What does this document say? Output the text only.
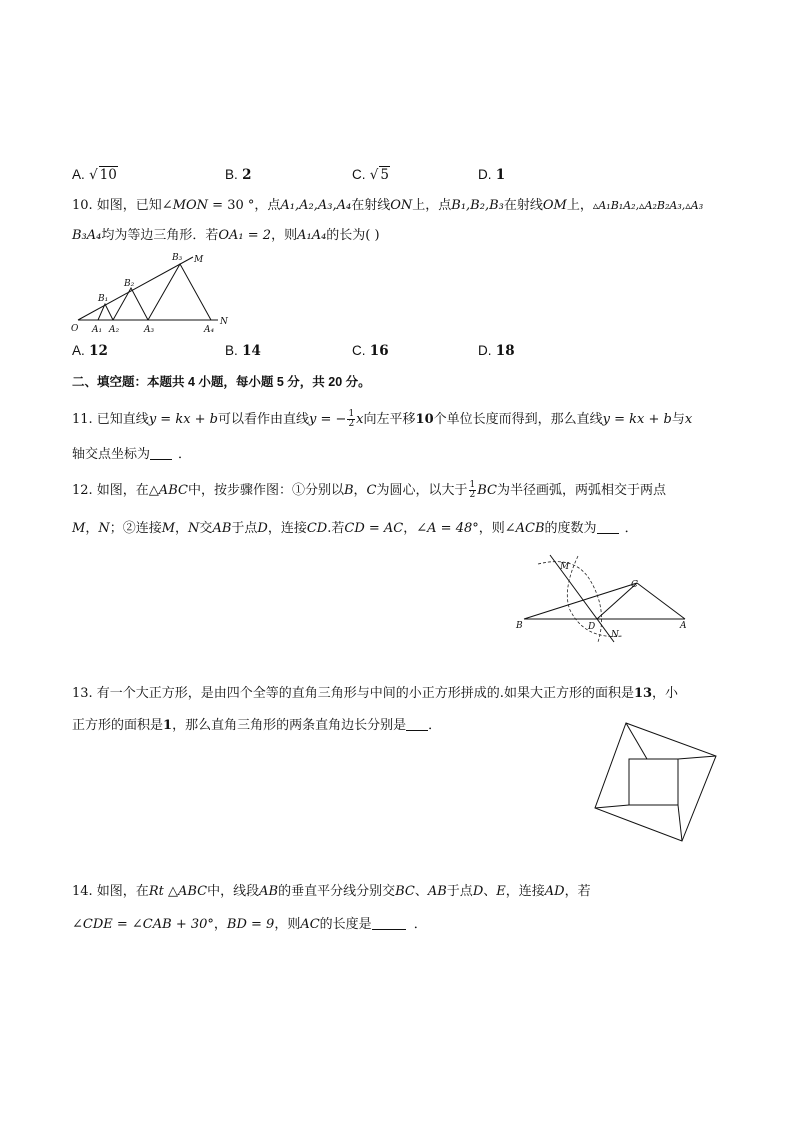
A. √ 10	B. 2	C. √ 5	D. 1
10. 如图，已知∠MON = 30 °，点A₁,A₂,A₃,A₄在射线ON上，点B₁,B₂,B₃在射线OM上，▵A₁B₁A₂,▵A₂B₂A₃,▵A₃
B₃A₄均为等边三角形．若OA₁ = 2，则A₁A₄的长为( )
O A₁ A₂	A₃	A₄
B₁
B₂
B₃ M
N
A. 12	B. 14	C. 16	D. 18
二、填空题：本题共 4 小题，每小题 5 分，共 20 分。
11. 已知直线y = kx + b可以看作由直线y = − $\frac{1}{2}$ x向左平移10个单位长度而得到，那么直线y = kx + b与x
轴交点坐标为 ．
12. 如图，在△ABC中，按步骤作图：①分别以B，C为圆心，以大于 $\frac{1}{2}$ BC为半径画弧，两弧相交于两点
M，N；②连接M，N交AB于点D，连接CD.若CD = AC，∠A = 48°，则∠ACB的度数为 ．
M
C
B	D
N
A
13. 有一个大正方形，是由四个全等的直角三角形与中间的小正方形拼成的.如果大正方形的面积是13，小
正方形的面积是1，那么直角三角形的两条直角边长分别是 ．
14. 如图，在Rt △ABC中，线段AB的垂直平分线分别交BC、AB于点D、E，连接AD，若
∠CDE = ∠CAB + 30°，BD = 9，则AC的长度是	．
